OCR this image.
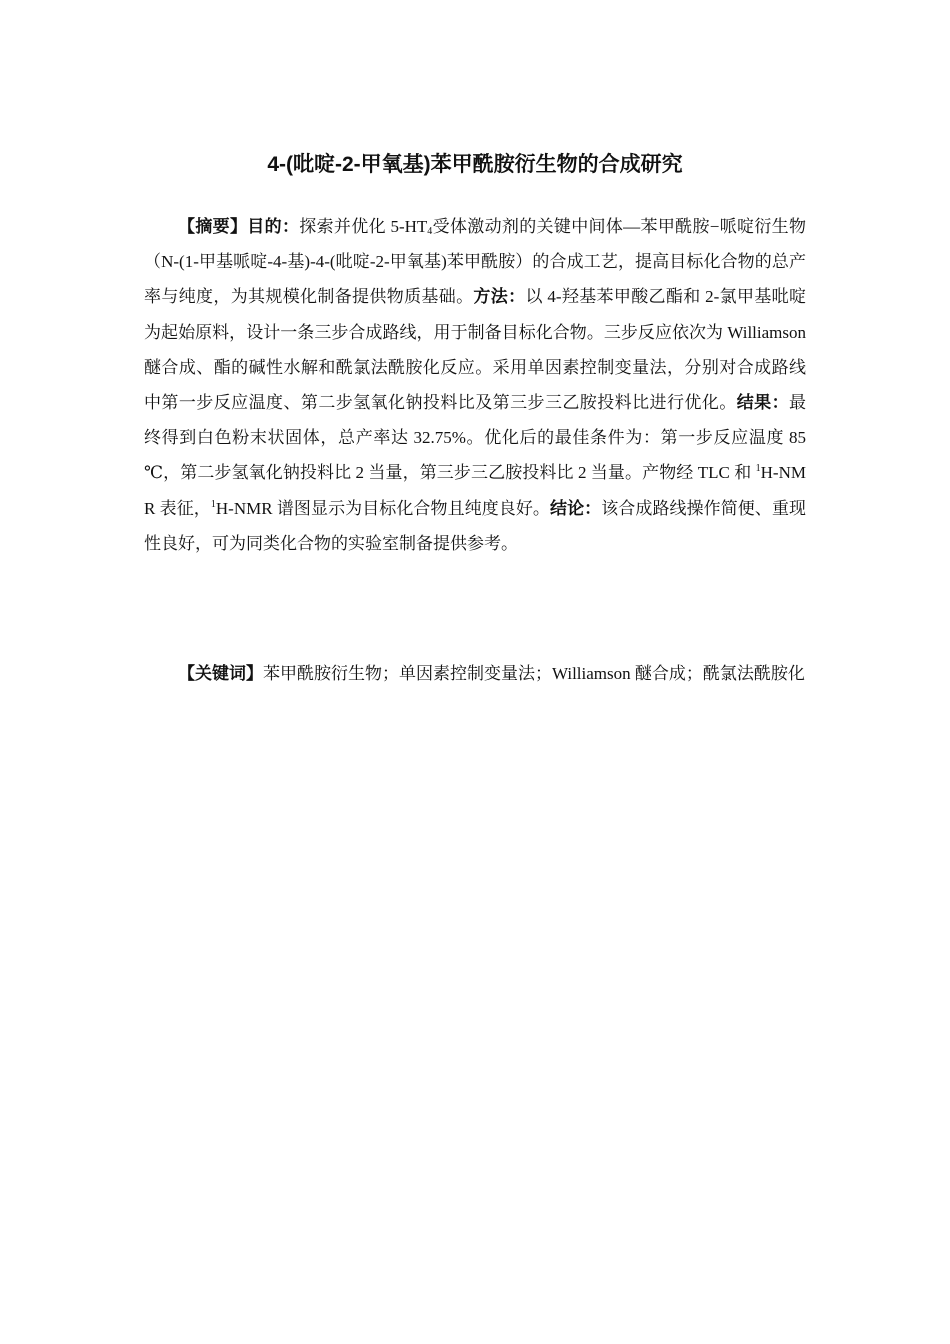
4-(吡啶-2-甲氧基)苯甲酰胺衍生物的合成研究

【摘要】目的：探索并优化 $5-HT_4$受体激动剂的关键中间体—苯甲酰胺−哌啶衍生物（N-(1-甲基哌啶-4-基)-4-(吡啶-2-甲氧基)苯甲酰胺）的合成工艺，提高目标化合物的总产率与纯度，为其规模化制备提供物质基础。方法：以 4-羟基苯甲酸乙酯和 2-氯甲基吡啶为起始原料，设计一条三步合成路线，用于制备目标化合物。三步反应依次为 Williamson 醚合成、酯的碱性水解和酰氯法酰胺化反应。采用单因素控制变量法，分别对合成路线中第一步反应温度、第二步氢氧化钠投料比及第三步三乙胺投料比进行优化。结果：最终得到白色粉末状固体，总产率达 32.75%。优化后的最佳条件为：第一步反应温度 85 ℃，第二步氢氧化钠投料比 2 当量，第三步三乙胺投料比 2 当量。产物经 TLC 和 $^1$H-NMR 表征，$^1$H-NMR 谱图显示为目标化合物且纯度良好。结论：该合成路线操作简便、重现性良好，可为同类化合物的实验室制备提供参考。

【关键词】苯甲酰胺衍生物；单因素控制变量法；Williamson 醚合成；酰氯法酰胺化
